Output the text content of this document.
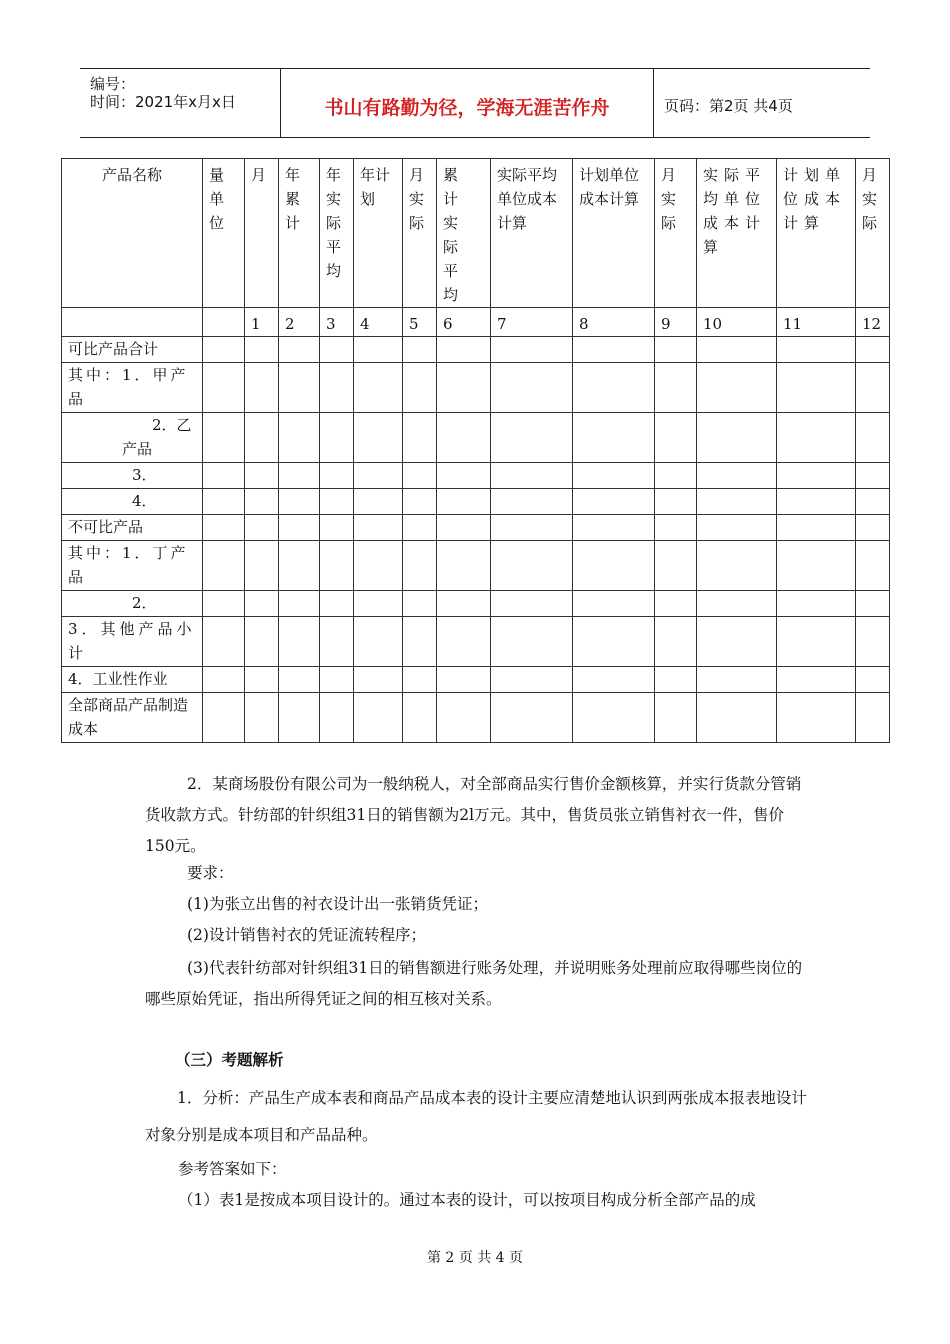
编号：
时间：2021年x月x日	书山有路勤为径，学海无涯苦作舟	页码：第2页 共4页
产品名称	量单位	月	年累计	年实际平均	年计划	月实际	累计实际平均	实际平均单位成本计算	计划单位成本计算	月实际	实际平均单位成本计算	计划单位成本计算	月实际
		1	2	3	4	5	6	7	8	9	10	11	12
可比产品合计													
其中：1．甲产品													
　　2．乙产品													
　　3．													
　　4．													
不可比产品													
其中：1．丁产品													
　　2．													
3．其他产品小计													
4．工业性作业													
全部商品产品制造成本													
2．某商场股份有限公司为一般纳税人，对全部商品实行售价金额核算，并实行货款分管销货收款方式。针纺部的针织组31日的销售额为2l万元。其中，售货员张立销售衬衣一件，售价150元。
要求：
(1)为张立出售的衬衣设计出一张销货凭证；
(2)设计销售衬衣的凭证流转程序；
(3)代表针纺部对针织组31日的销售额进行账务处理，并说明账务处理前应取得哪些岗位的哪些原始凭证，指出所得凭证之间的相互核对关系。
（三）考题解析
1．分析：产品生产成本表和商品产品成本表的设计主要应清楚地认识到两张成本报表地设计对象分别是成本项目和产品品种。
参考答案如下：
（1）表1是按成本项目设计的。通过本表的设计，可以按项目构成分析全部产品的成
第 2 页 共 4 页
